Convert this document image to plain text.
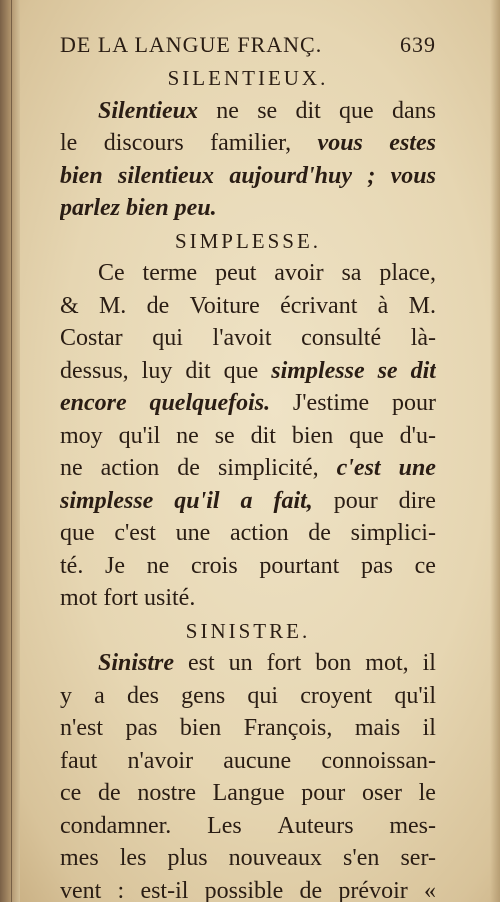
DE LA LANGUE FRANÇ.	639
SILENTIEUX.
Silentieux ne se dit que dans
le discours familier, vous estes
bien silentieux aujourd'huy ; vous
parlez bien peu.
SIMPLESSE.
Ce terme peut avoir sa place,
& M. de Voiture écrivant à M.
Costar qui l'avoit consulté là-
dessus, luy dit que simplesse se dit
encore quelquefois. J'estime pour
moy qu'il ne se dit bien que d'u-
ne action de simplicité, c'est une
simplesse qu'il a fait, pour dire
que c'est une action de simplici-
té. Je ne crois pourtant pas ce
mot fort usité.
SINISTRE.
Sinistre est un fort bon mot, il
y a des gens qui croyent qu'il
n'est pas bien François, mais il
faut n'avoir aucune connoissan-
ce de nostre Langue pour oser le
condamner. Les Auteurs mes-
mes les plus nouveaux s'en ser-
vent : est-il possible de prévoir «
